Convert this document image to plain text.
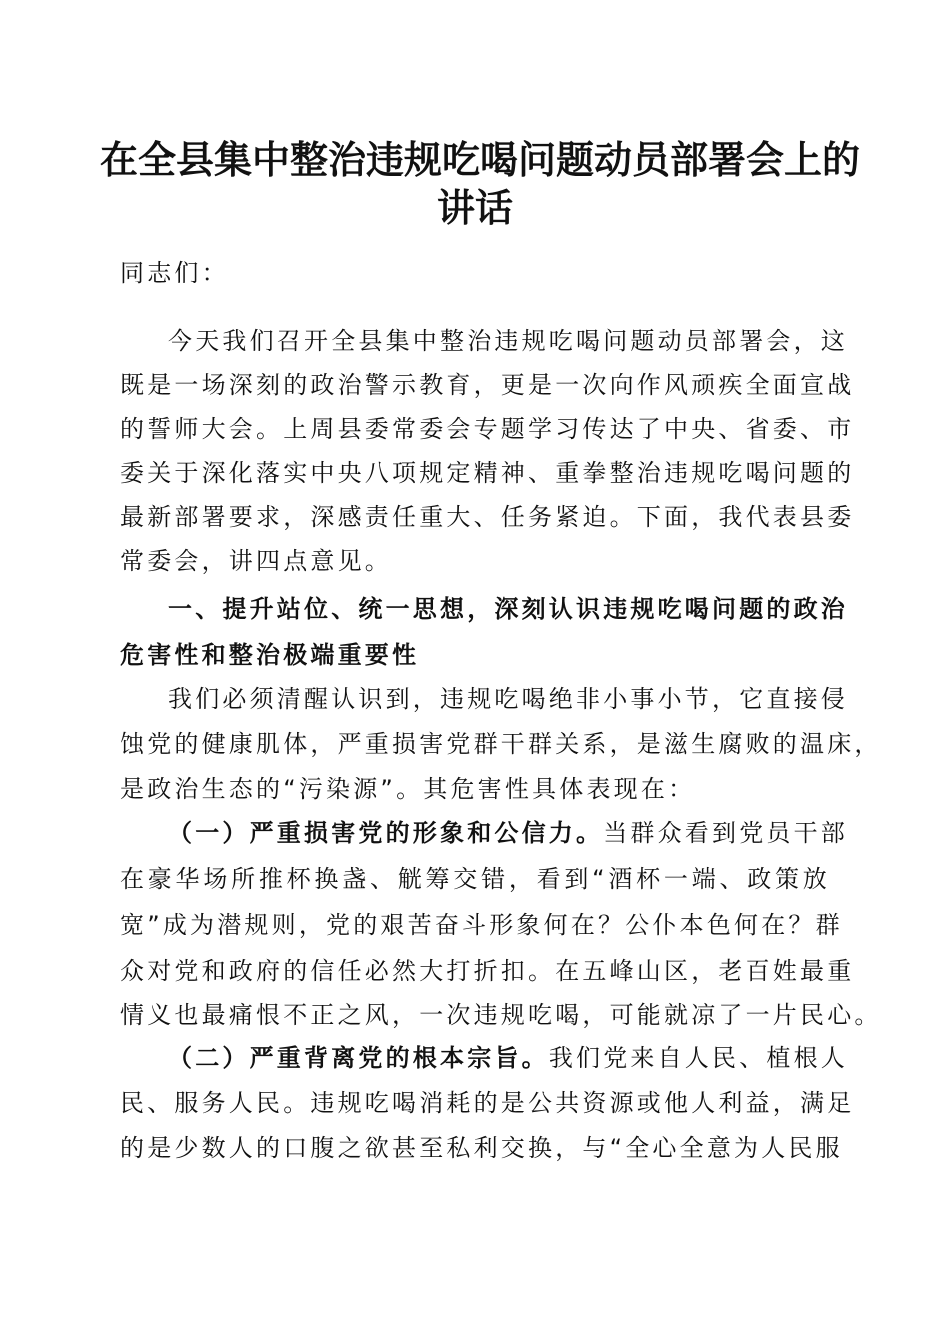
在全县集中整治违规吃喝问题动员部署会上的
讲话

同志们：

今天我们召开全县集中整治违规吃喝问题动员部署会，这

既是一场深刻的政治警示教育，更是一次向作风顽疾全面宣战

的誓师大会。上周县委常委会专题学习传达了中央、省委、市

委关于深化落实中央八项规定精神、重拳整治违规吃喝问题的

最新部署要求，深感责任重大、任务紧迫。下面，我代表县委

常委会，讲四点意见。

一、提升站位、统一思想，深刻认识违规吃喝问题的政治

危害性和整治极端重要性

我们必须清醒认识到，违规吃喝绝非小事小节，它直接侵

蚀党的健康肌体，严重损害党群干群关系，是滋生腐败的温床，

是政治生态的“污染源”。其危害性具体表现在：

（一）严重损害党的形象和公信力。当群众看到党员干部

在豪华场所推杯换盏、觥筹交错，看到“酒杯一端、政策放

宽”成为潜规则，党的艰苦奋斗形象何在？公仆本色何在？群

众对党和政府的信任必然大打折扣。在五峰山区，老百姓最重

情义也最痛恨不正之风，一次违规吃喝，可能就凉了一片民心。

（二）严重背离党的根本宗旨。我们党来自人民、植根人

民、服务人民。违规吃喝消耗的是公共资源或他人利益，满足

的是少数人的口腹之欲甚至私利交换，与“全心全意为人民服
